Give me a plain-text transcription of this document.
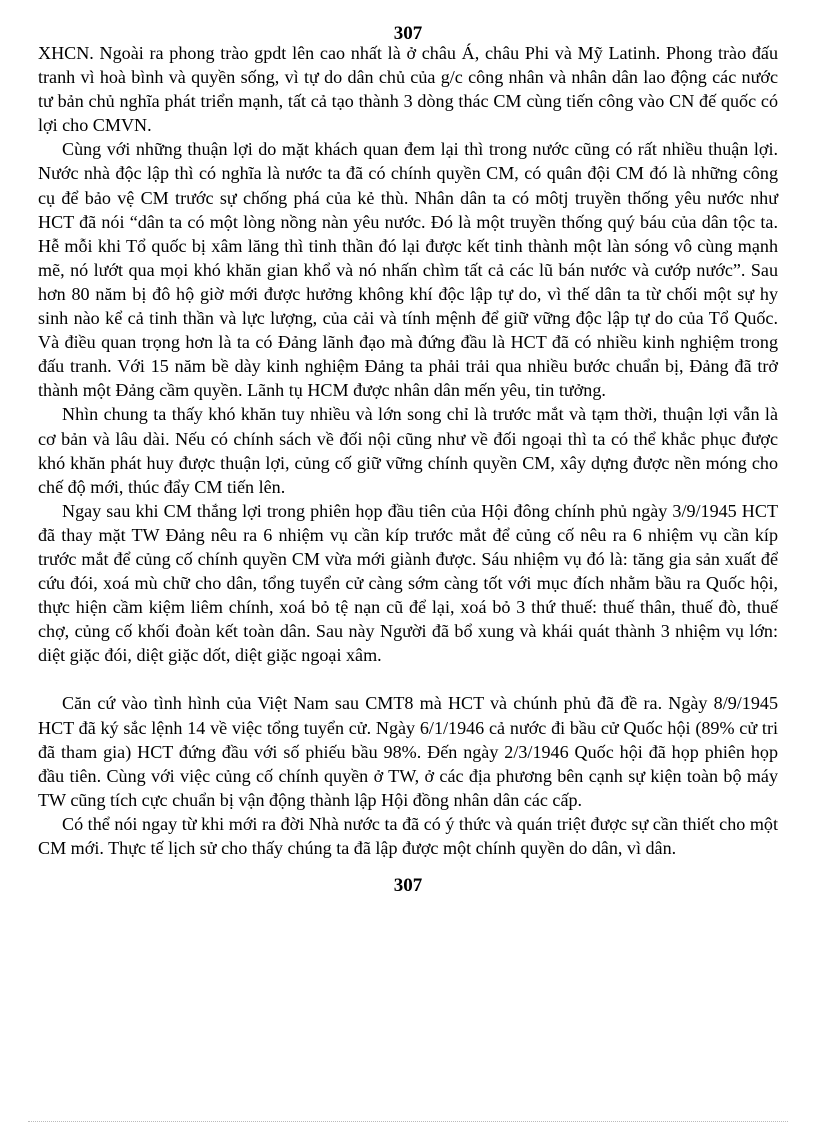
307

XHCN. Ngoài ra phong trào gpdt lên cao nhất là ở châu Á, châu Phi và Mỹ Latinh. Phong trào đấu tranh vì hoà bình và quyền sống, vì tự do dân chủ của g/c công nhân và nhân dân lao động các nước tư bản chủ nghĩa phát triển mạnh, tất cả tạo thành 3 dòng thác CM cùng tiến công vào CN đế quốc có lợi cho CMVN.

Cùng với những thuận lợi do mặt khách quan đem lại thì trong nước cũng có rất nhiều thuận lợi. Nước nhà độc lập thì có nghĩa là nước ta đã có chính quyền CM, có quân đội CM đó là những công cụ để bảo vệ CM trước sự chống phá của kẻ thù. Nhân dân ta có môtj truyền thống yêu nước như HCT đã nói “dân ta có một lòng nồng nàn yêu nước. Đó là một truyền thống quý báu của dân tộc ta. Hễ mỗi khi Tổ quốc bị xâm lăng thì tinh thần đó lại được kết tinh thành một làn sóng vô cùng mạnh mẽ, nó lướt qua mọi khó khăn gian khổ và nó nhấn chìm tất cả các lũ bán nước và cướp nước”. Sau hơn 80 năm bị đô hộ giờ mới được hưởng không khí độc lập tự do, vì thế dân ta từ chối một sự hy sinh nào kể cả tinh thần và lực lượng, của cải và tính mệnh để giữ vững độc lập tự do của Tổ Quốc. Và điều quan trọng hơn là ta có Đảng lãnh đạo mà đứng đầu là HCT đã có nhiều kinh nghiệm trong đấu tranh. Với 15 năm bề dày kinh nghiệm Đảng ta phải trải qua nhiều bước chuẩn bị, Đảng đã trở thành một Đảng cầm quyền. Lãnh tụ HCM được nhân dân mến yêu, tin tưởng.

Nhìn chung ta thấy khó khăn tuy nhiều và lớn song chỉ là trước mắt và tạm thời, thuận lợi vẫn là cơ bản và lâu dài. Nếu có chính sách về đối nội cũng như về đối ngoại thì ta có thể khắc phục được khó khăn phát huy được thuận lợi, củng cố giữ vững chính quyền CM, xây dựng được nền móng cho chế độ mới, thúc đẩy CM tiến lên.

Ngay sau khi CM thắng lợi trong phiên họp đầu tiên của Hội đông chính phủ ngày 3/9/1945 HCT đã thay mặt TW Đảng nêu ra 6 nhiệm vụ cần kíp trước mắt để củng cố nêu ra 6 nhiệm vụ cần kíp trước mắt để củng cố chính quyền CM vừa mới giành được. Sáu nhiệm vụ đó là: tăng gia sản xuất để cứu đói, xoá mù chữ cho dân, tổng tuyển cử càng sớm càng tốt với mục đích nhằm bầu ra Quốc hội, thực hiện cầm kiệm liêm chính, xoá bỏ tệ nạn cũ để lại, xoá bỏ 3 thứ thuế: thuế thân, thuế đò, thuế chợ, củng cố khối đoàn kết toàn dân. Sau này Người đã bổ xung và khái quát thành 3 nhiệm vụ lớn: diệt giặc đói, diệt giặc dốt, diệt giặc ngoại xâm.

Căn cứ vào tình hình của Việt Nam sau CMT8 mà HCT và chúnh phủ đã đề ra. Ngày 8/9/1945 HCT đã ký sắc lệnh 14 về việc tổng tuyển cử. Ngày 6/1/1946 cả nước đi bầu cử Quốc hội (89% cử tri đã tham gia) HCT đứng đầu với số phiếu bầu 98%. Đến ngày 2/3/1946 Quốc hội đã họp phiên họp đầu tiên. Cùng với việc củng cố chính quyền ở TW, ở các địa phương bên cạnh sự kiện toàn bộ máy TW cũng tích cực chuẩn bị vận động thành lập Hội đồng nhân dân các cấp.

Có thể nói ngay từ khi mới ra đời Nhà nước ta đã có ý thức và quán triệt được sự cần thiết cho một CM mới. Thực tế lịch sử cho thấy chúng ta đã lập được một chính quyền do dân, vì dân.

307
